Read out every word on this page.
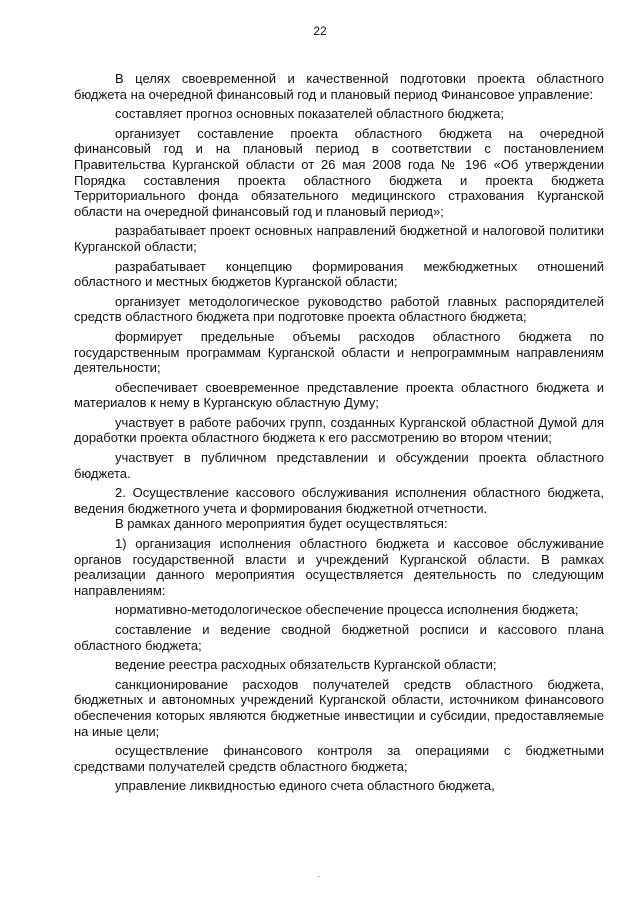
22

В целях своевременной и качественной подготовки проекта областного бюджета на очередной финансовый год и плановый период Финансовое управление:

составляет прогноз основных показателей областного бюджета;

организует составление проекта областного бюджета на очередной финансовый год и на плановый период в соответствии с постановлением Правительства Курганской области от 26 мая 2008 года № 196 «Об утверждении Порядка составления проекта областного бюджета и проекта бюджета Территориального фонда обязательного медицинского страхования Курганской области на очередной финансовый год и плановый период»;

разрабатывает проект основных направлений бюджетной и налоговой политики Курганской области;

разрабатывает концепцию формирования межбюджетных отношений областного и местных бюджетов Курганской области;

организует методологическое руководство работой главных распорядителей средств областного бюджета при подготовке проекта областного бюджета;

формирует предельные объемы расходов областного бюджета по государственным программам Курганской области и непрограммным направлениям деятельности;

обеспечивает своевременное представление проекта областного бюджета и материалов к нему в Курганскую областную Думу;

участвует в работе рабочих групп, созданных Курганской областной Думой для доработки проекта областного бюджета к его рассмотрению во втором чтении;

участвует в публичном представлении и обсуждении проекта областного бюджета.

2. Осуществление кассового обслуживания исполнения областного бюджета, ведения бюджетного учета и формирования бюджетной отчетности.

В рамках данного мероприятия будет осуществляться:

1) организация исполнения областного бюджета и кассовое обслуживание органов государственной власти и учреждений Курганской области. В рамках реализации данного мероприятия осуществляется деятельность по следующим направлениям:

нормативно-методологическое обеспечение процесса исполнения бюджета;

составление и ведение сводной бюджетной росписи и кассового плана областного бюджета;

ведение реестра расходных обязательств Курганской области;

санкционирование расходов получателей средств областного бюджета, бюджетных и автономных учреждений Курганской области, источником финансового обеспечения которых являются бюджетные инвестиции и субсидии, предоставляемые на иные цели;

осуществление финансового контроля за операциями с бюджетными средствами получателей средств областного бюджета;

управление ликвидностью единого счета областного бюджета,
